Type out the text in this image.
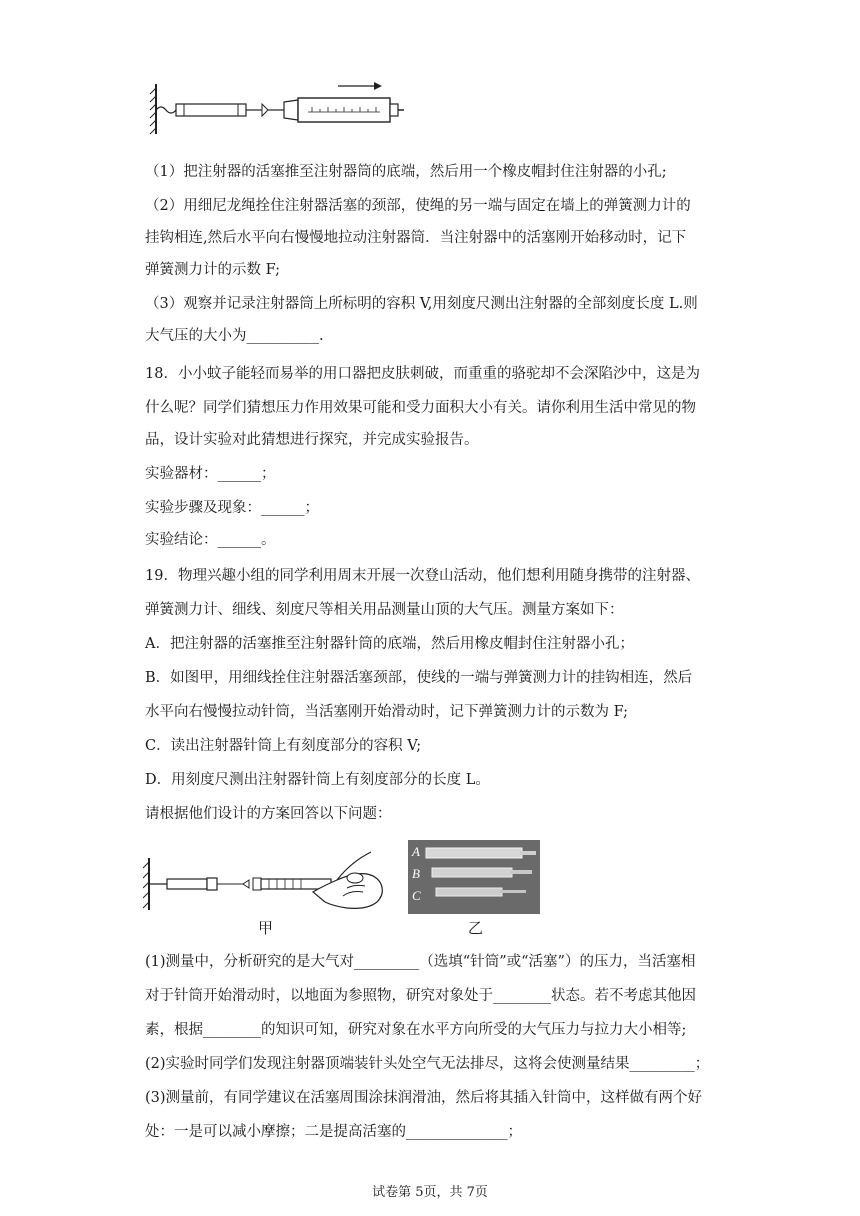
（1）把注射器的活塞推至注射器筒的底端，然后用一个橡皮帽封住注射器的小孔;
（2）用细尼龙绳拴住注射器活塞的颈部，使绳的另一端与固定在墙上的弹簧测力计的
挂钩相连,然后水平向右慢慢地拉动注射器筒．当注射器中的活塞刚开始移动时，记下
弹簧测力计的示数 F;
（3）观察并记录注射器筒上所标明的容积 V,用刻度尺测出注射器的全部刻度长度 L.则
大气压的大小为__________.
18．小小蚊子能轻而易举的用口器把皮肤刺破，而重重的骆驼却不会深陷沙中，这是为
什么呢？同学们猜想压力作用效果可能和受力面积大小有关。请你利用生活中常见的物
品，设计实验对此猜想进行探究，并完成实验报告。
实验器材：______；
实验步骤及现象：______；
实验结论：______。
19．物理兴趣小组的同学利用周末开展一次登山活动，他们想利用随身携带的注射器、
弹簧测力计、细线、刻度尺等相关用品测量山顶的大气压。测量方案如下：
A．把注射器的活塞推至注射器针筒的底端，然后用橡皮帽封住注射器小孔；
B．如图甲，用细线拴住注射器活塞颈部，使线的一端与弹簧测力计的挂钩相连，然后
水平向右慢慢拉动针筒，当活塞刚开始滑动时，记下弹簧测力计的示数为 F;
C．读出注射器针筒上有刻度部分的容积 V;
D．用刻度尺测出注射器针筒上有刻度部分的长度 L。
请根据他们设计的方案回答以下问题：
甲
A
B
C
乙
(1)测量中，分析研究的是大气对_________（选填“针筒”或“活塞”）的压力，当活塞相
对于针筒开始滑动时，以地面为参照物，研究对象处于________状态。若不考虑其他因
素，根据________的知识可知，研究对象在水平方向所受的大气压力与拉力大小相等;
(2)实验时同学们发现注射器顶端装针头处空气无法排尽，这将会使测量结果_________；
(3)测量前，有同学建议在活塞周围涂抹润滑油，然后将其插入针筒中，这样做有两个好
处：一是可以减小摩擦；二是提高活塞的______________；
试卷第 5页，共 7页
